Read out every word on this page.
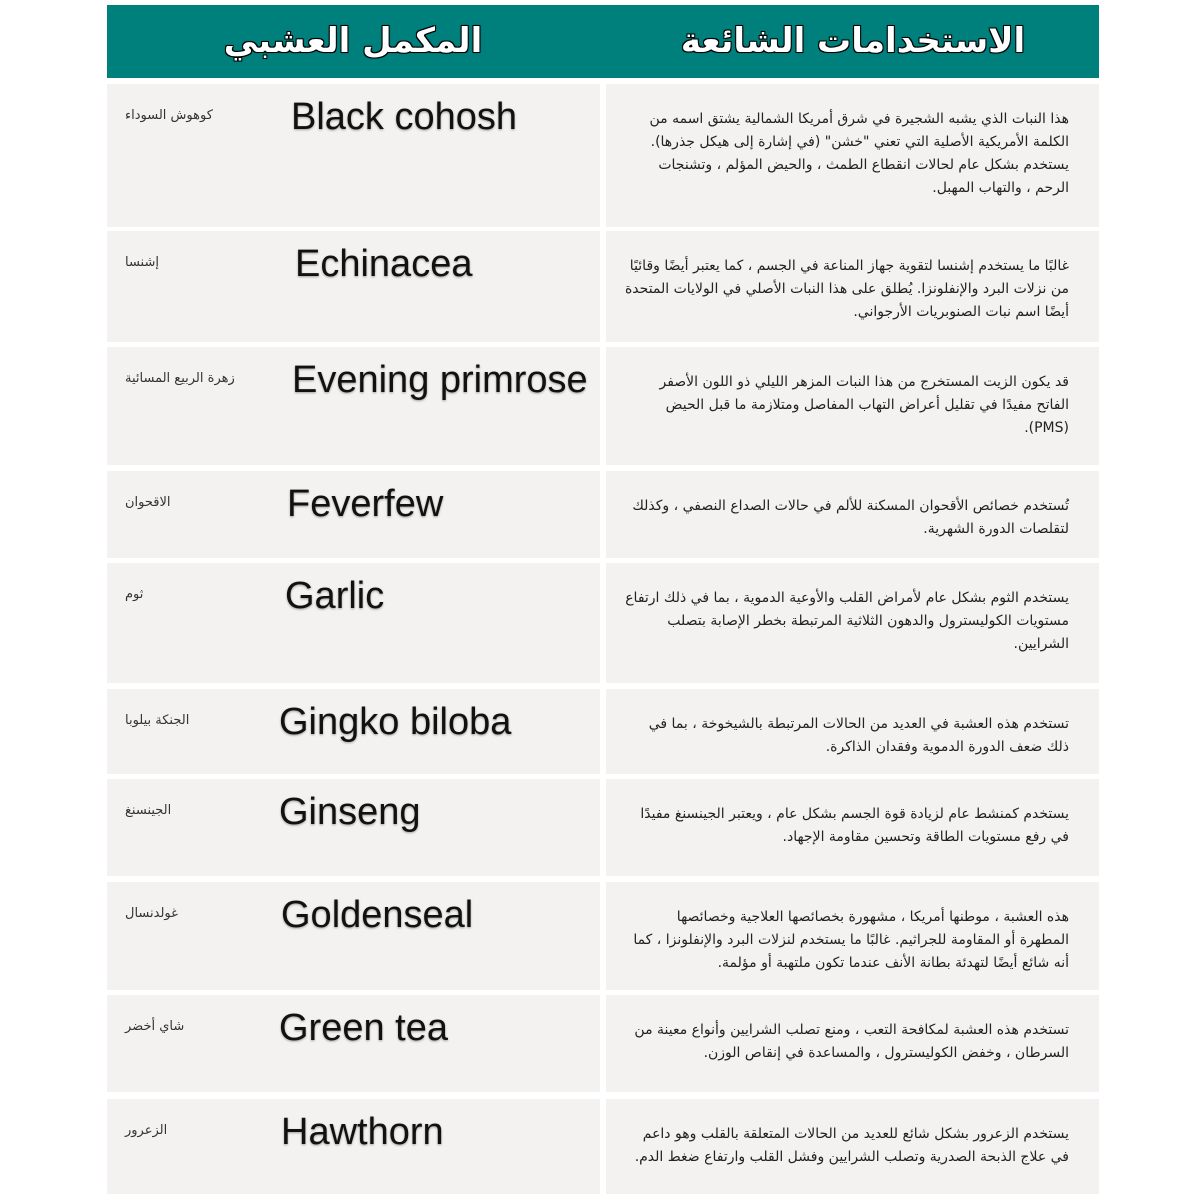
المكمل العشبي	الاستخدامات الشائعة
كوهوش السوداء	Black cohosh	هذا النبات الذي يشبه الشجيرة في شرق أمريكا الشمالية يشتق اسمه من الكلمة الأمريكية الأصلية التي تعني "خشن" (في إشارة إلى هيكل جذرها). يستخدم بشكل عام لحالات انقطاع الطمث ، والحيض المؤلم ، وتشنجات الرحم ، والتهاب المهبل.
إشنسا	Echinacea	غالبًا ما يستخدم إشنسا لتقوية جهاز المناعة في الجسم ، كما يعتبر أيضًا وقائيًا من نزلات البرد والإنفلونزا. يُطلق على هذا النبات الأصلي في الولايات المتحدة أيضًا اسم نبات الصنوبريات الأرجواني.
زهرة الربيع المسائية	Evening primrose	قد يكون الزيت المستخرج من هذا النبات المزهر الليلي ذو اللون الأصفر الفاتح مفيدًا في تقليل أعراض التهاب المفاصل ومتلازمة ما قبل الحيض (PMS).
الاقحوان	Feverfew	تُستخدم خصائص الأقحوان المسكنة للألم في حالات الصداع النصفي ، وكذلك لتقلصات الدورة الشهرية.
ثوم	Garlic	يستخدم الثوم بشكل عام لأمراض القلب والأوعية الدموية ، بما في ذلك ارتفاع مستويات الكوليسترول والدهون الثلاثية المرتبطة بخطر الإصابة بتصلب الشرايين.
الجنكة بيلوبا	Gingko biloba	تستخدم هذه العشبة في العديد من الحالات المرتبطة بالشيخوخة ، بما في ذلك ضعف الدورة الدموية وفقدان الذاكرة.
الجينسنغ	Ginseng	يستخدم كمنشط عام لزيادة قوة الجسم بشكل عام ، ويعتبر الجينسنغ مفيدًا في رفع مستويات الطاقة وتحسين مقاومة الإجهاد.
غولدنسال	Goldenseal	هذه العشبة ، موطنها أمريكا ، مشهورة بخصائصها العلاجية وخصائصها المطهرة أو المقاومة للجراثيم. غالبًا ما يستخدم لنزلات البرد والإنفلونزا ، كما أنه شائع أيضًا لتهدئة بطانة الأنف عندما تكون ملتهبة أو مؤلمة.
شاي أخضر	Green tea	تستخدم هذه العشبة لمكافحة التعب ، ومنع تصلب الشرايين وأنواع معينة من السرطان ، وخفض الكوليسترول ، والمساعدة في إنقاص الوزن.
الزعرور	Hawthorn	يستخدم الزعرور بشكل شائع للعديد من الحالات المتعلقة بالقلب وهو داعم في علاج الذبحة الصدرية وتصلب الشرايين وفشل القلب وارتفاع ضغط الدم.
